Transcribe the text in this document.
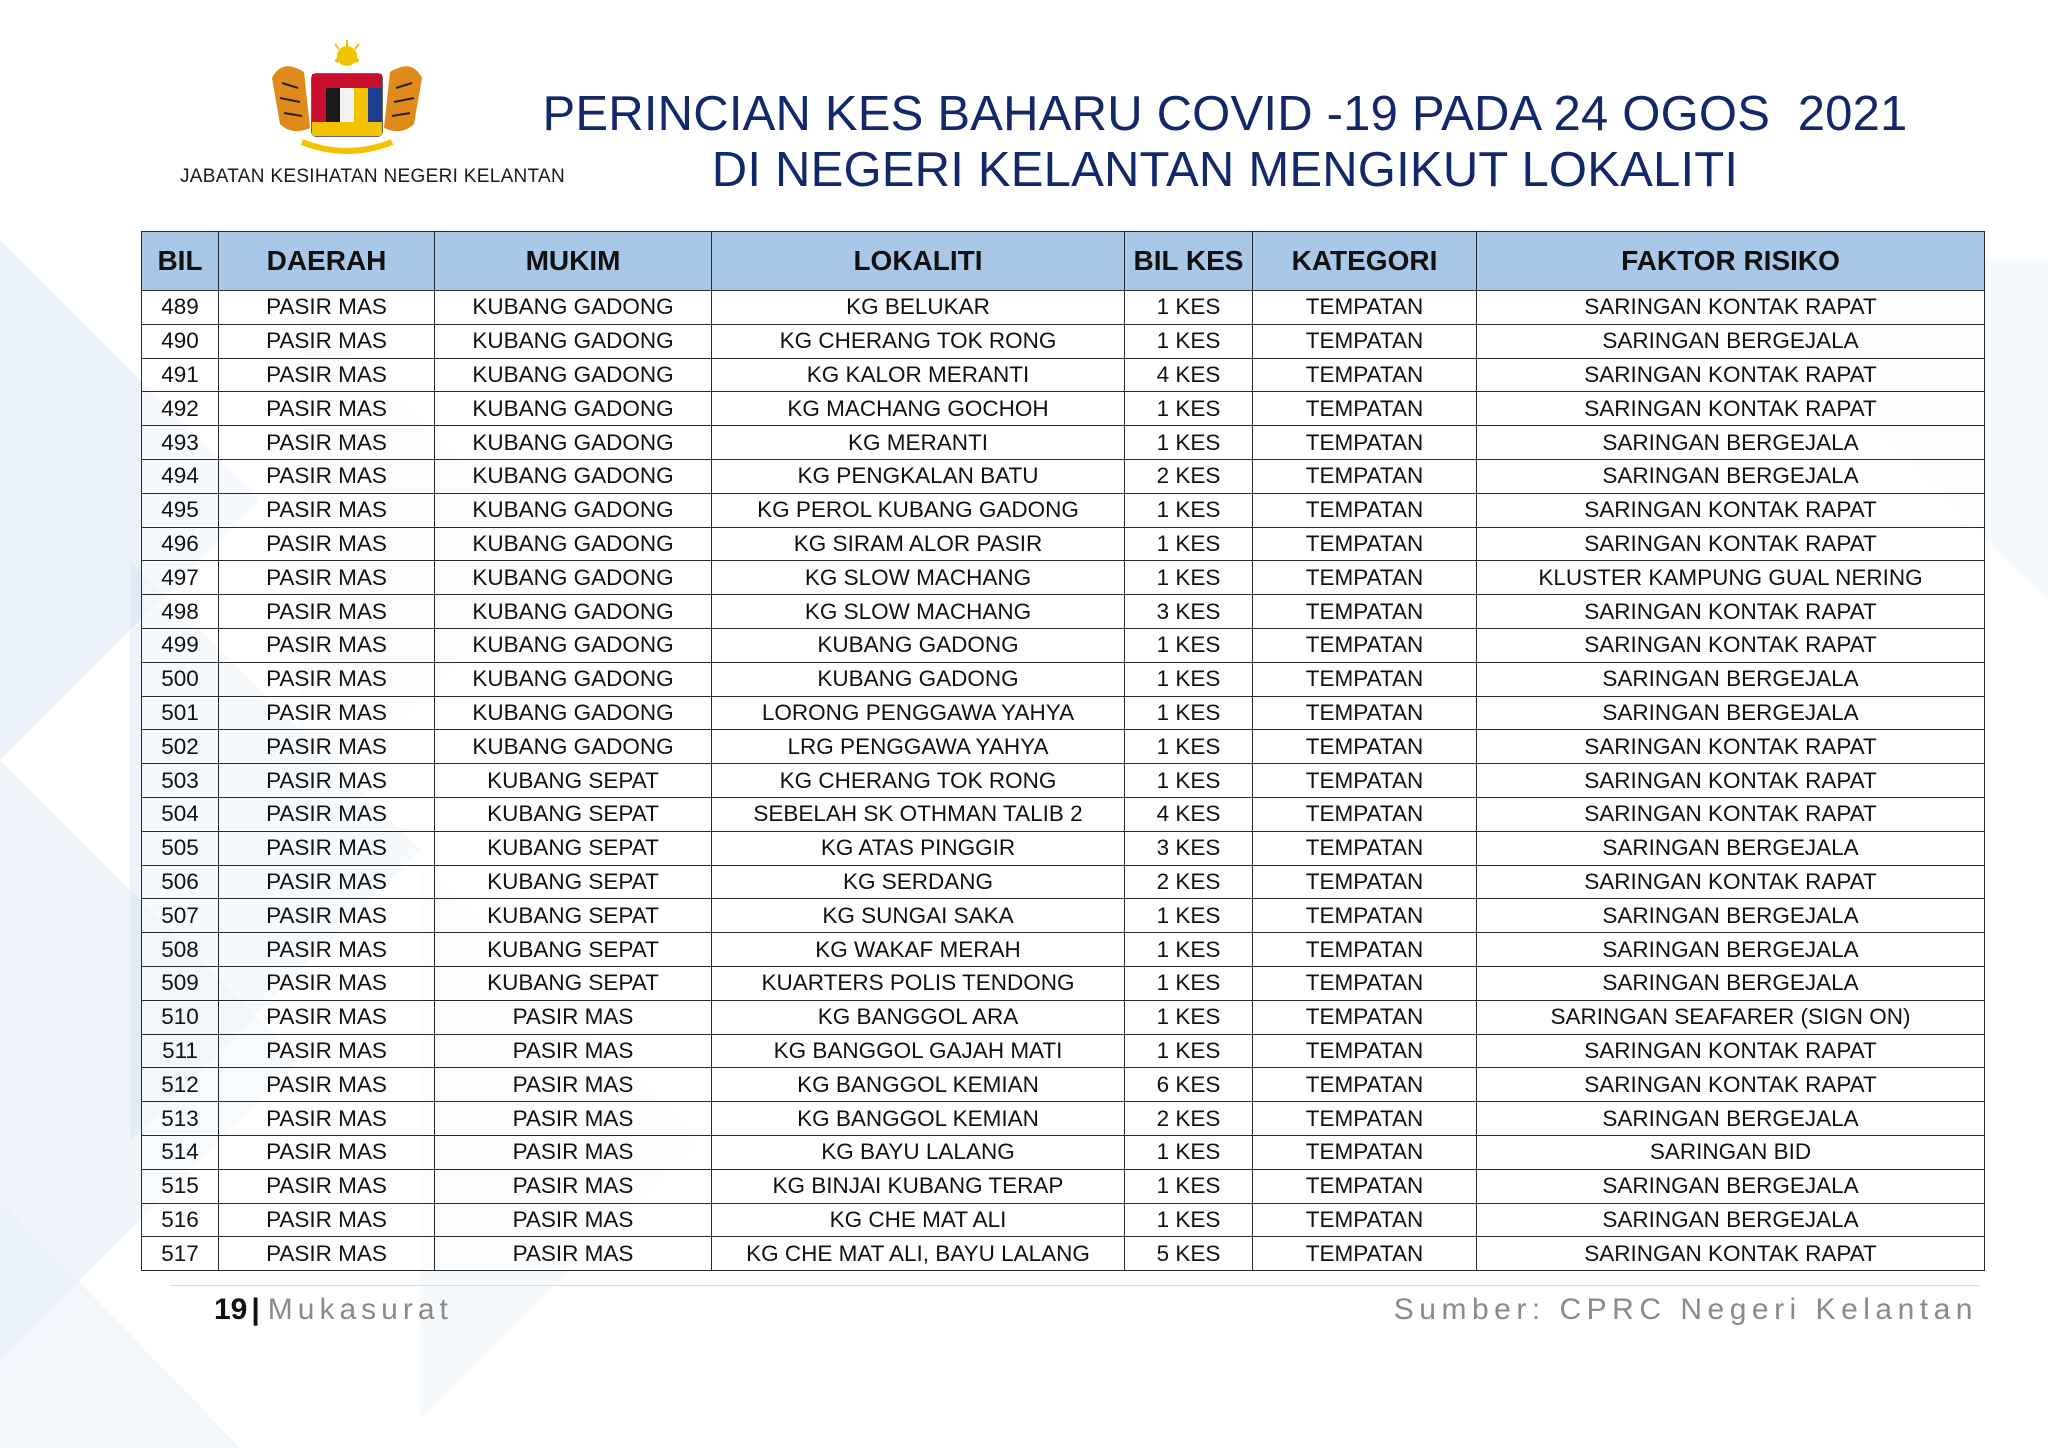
JABATAN KESIHATAN NEGERI KELANTAN
PERINCIAN KES BAHARU COVID -19 PADA 24 OGOS  2021
DI NEGERI KELANTAN MENGIKUT LOKALITI
BIL	DAERAH	MUKIM	LOKALITI	BIL KES	KATEGORI	FAKTOR RISIKO
489	PASIR MAS	KUBANG GADONG	KG BELUKAR	1 KES	TEMPATAN	SARINGAN KONTAK RAPAT
490	PASIR MAS	KUBANG GADONG	KG CHERANG TOK RONG	1 KES	TEMPATAN	SARINGAN BERGEJALA
491	PASIR MAS	KUBANG GADONG	KG KALOR MERANTI	4 KES	TEMPATAN	SARINGAN KONTAK RAPAT
492	PASIR MAS	KUBANG GADONG	KG MACHANG GOCHOH	1 KES	TEMPATAN	SARINGAN KONTAK RAPAT
493	PASIR MAS	KUBANG GADONG	KG MERANTI	1 KES	TEMPATAN	SARINGAN BERGEJALA
494	PASIR MAS	KUBANG GADONG	KG PENGKALAN BATU	2 KES	TEMPATAN	SARINGAN BERGEJALA
495	PASIR MAS	KUBANG GADONG	KG PEROL KUBANG GADONG	1 KES	TEMPATAN	SARINGAN KONTAK RAPAT
496	PASIR MAS	KUBANG GADONG	KG SIRAM ALOR PASIR	1 KES	TEMPATAN	SARINGAN KONTAK RAPAT
497	PASIR MAS	KUBANG GADONG	KG SLOW MACHANG	1 KES	TEMPATAN	KLUSTER KAMPUNG GUAL NERING
498	PASIR MAS	KUBANG GADONG	KG SLOW MACHANG	3 KES	TEMPATAN	SARINGAN KONTAK RAPAT
499	PASIR MAS	KUBANG GADONG	KUBANG GADONG	1 KES	TEMPATAN	SARINGAN KONTAK RAPAT
500	PASIR MAS	KUBANG GADONG	KUBANG GADONG	1 KES	TEMPATAN	SARINGAN BERGEJALA
501	PASIR MAS	KUBANG GADONG	LORONG PENGGAWA YAHYA	1 KES	TEMPATAN	SARINGAN BERGEJALA
502	PASIR MAS	KUBANG GADONG	LRG PENGGAWA YAHYA	1 KES	TEMPATAN	SARINGAN KONTAK RAPAT
503	PASIR MAS	KUBANG SEPAT	KG CHERANG TOK RONG	1 KES	TEMPATAN	SARINGAN KONTAK RAPAT
504	PASIR MAS	KUBANG SEPAT	SEBELAH SK OTHMAN TALIB 2	4 KES	TEMPATAN	SARINGAN KONTAK RAPAT
505	PASIR MAS	KUBANG SEPAT	KG ATAS PINGGIR	3 KES	TEMPATAN	SARINGAN BERGEJALA
506	PASIR MAS	KUBANG SEPAT	KG SERDANG	2 KES	TEMPATAN	SARINGAN KONTAK RAPAT
507	PASIR MAS	KUBANG SEPAT	KG SUNGAI SAKA	1 KES	TEMPATAN	SARINGAN BERGEJALA
508	PASIR MAS	KUBANG SEPAT	KG WAKAF MERAH	1 KES	TEMPATAN	SARINGAN BERGEJALA
509	PASIR MAS	KUBANG SEPAT	KUARTERS POLIS TENDONG	1 KES	TEMPATAN	SARINGAN BERGEJALA
510	PASIR MAS	PASIR MAS	KG BANGGOL ARA	1 KES	TEMPATAN	SARINGAN SEAFARER (SIGN ON)
511	PASIR MAS	PASIR MAS	KG BANGGOL GAJAH MATI	1 KES	TEMPATAN	SARINGAN KONTAK RAPAT
512	PASIR MAS	PASIR MAS	KG BANGGOL KEMIAN	6 KES	TEMPATAN	SARINGAN KONTAK RAPAT
513	PASIR MAS	PASIR MAS	KG BANGGOL KEMIAN	2 KES	TEMPATAN	SARINGAN BERGEJALA
514	PASIR MAS	PASIR MAS	KG BAYU LALANG	1 KES	TEMPATAN	SARINGAN BID
515	PASIR MAS	PASIR MAS	KG BINJAI KUBANG TERAP	1 KES	TEMPATAN	SARINGAN BERGEJALA
516	PASIR MAS	PASIR MAS	KG CHE MAT ALI	1 KES	TEMPATAN	SARINGAN BERGEJALA
517	PASIR MAS	PASIR MAS	KG CHE MAT ALI, BAYU LALANG	5 KES	TEMPATAN	SARINGAN KONTAK RAPAT
19 | Mukasurat	Sumber: CPRC Negeri Kelantan
